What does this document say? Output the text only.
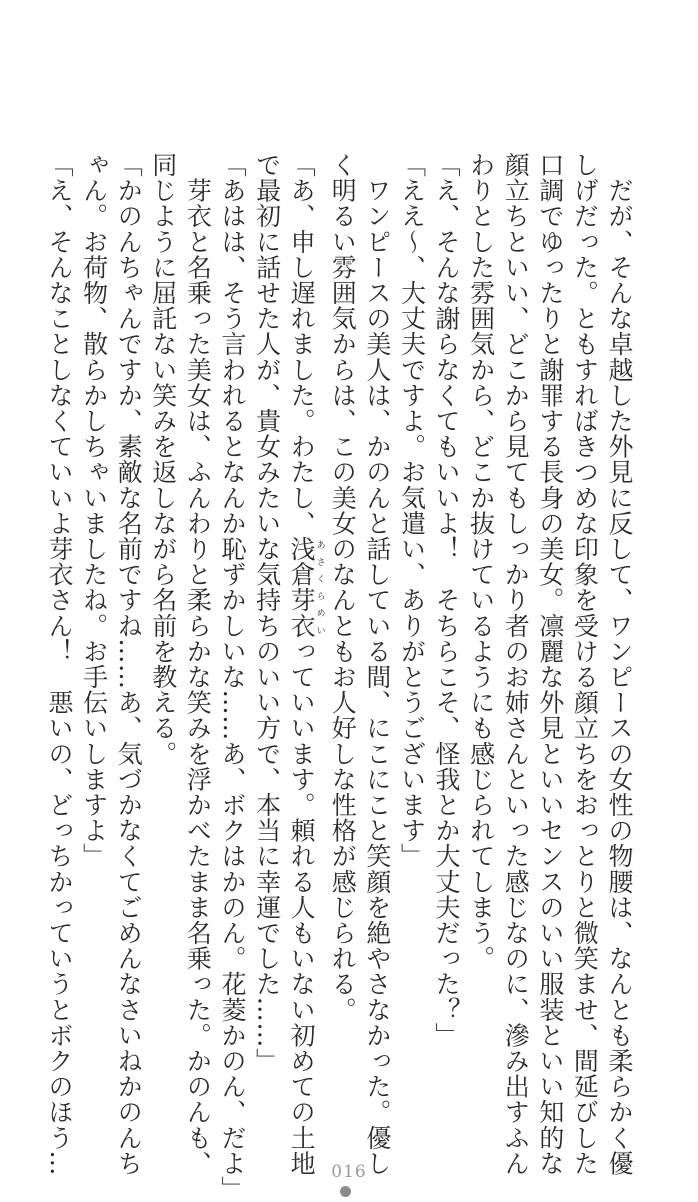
　だが、そんな卓越した外見に反して、ワンピースの女性の物腰は、なんとも柔らかく優
しげだった。ともすればきつめな印象を受ける顔立ちをおっとりと微笑ませ、間延びした
口調でゆったりと謝罪する長身の美女。凛麗な外見といいセンスのいい服装といい知的な
顔立ちといい、どこから見てもしっかり者のお姉さんといった感じなのに、滲み出すふん
わりとした雰囲気から、どこか抜けているようにも感じられてしまう。
「え、そんな謝らなくてもいいよ！　そちらこそ、怪我とか大丈夫だった？」
「ええ〜、大丈夫ですよ。お気遣い、ありがとうございます」
　ワンピースの美人は、かのんと話している間、にこにこと笑顔を絶やさなかった。優し
く明るい雰囲気からは、この美女のなんともお人好しな性格が感じられる。
「あ、申し遅れました。わたし、浅倉芽衣あさくらめいっていいます。頼れる人もいない初めての土地
で最初に話せた人が、貴女みたいな気持ちのいい方で、本当に幸運でした……」
「あはは、そう言われるとなんか恥ずかしいな……あ、ボクはかのん。花菱かのん、だよ」
　芽衣と名乗った美女は、ふんわりと柔らかな笑みを浮かべたまま名乗った。かのんも、
同じように屈託ない笑みを返しながら名前を教える。
「かのんちゃんですか、素敵な名前ですね……あ、気づかなくてごめんなさいねかのんち
ゃん。お荷物、散らかしちゃいましたね。お手伝いしますよ」
「え、そんなことしなくていいよ芽衣さん！　悪いの、どっちかっていうとボクのほう…	016
